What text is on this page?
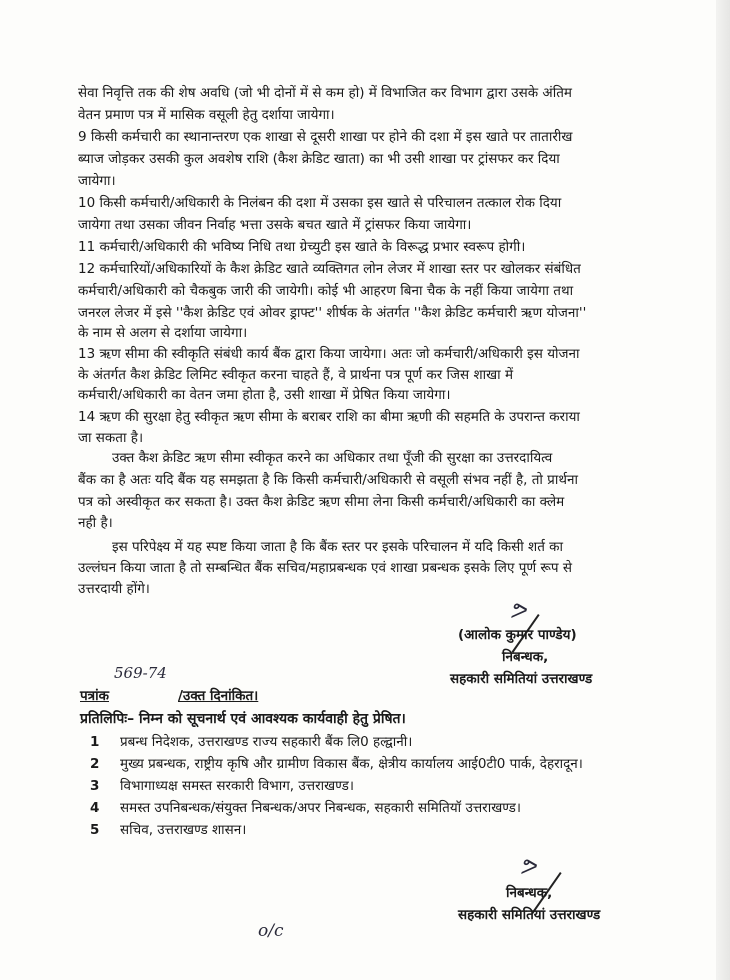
सेवा निवृत्ति तक की शेष अवधि (जो भी दोनों में से कम हो) में विभाजित कर विभाग द्वारा उसके अंतिम
वेतन प्रमाण पत्र में मासिक वसूली हेतु दर्शाया जायेगा।
9 किसी कर्मचारी का स्थानान्तरण एक शाखा से दूसरी शाखा पर होने की दशा में इस खाते पर तातारीख
ब्याज जोड़कर उसकी कुल अवशेष राशि (कैश क्रेडिट खाता) का भी उसी शाखा पर ट्रांसफर कर दिया
जायेगा।
10 किसी कर्मचारी/अधिकारी के निलंबन की दशा में उसका इस खाते से परिचालन तत्काल रोक दिया
जायेगा तथा उसका जीवन निर्वाह भत्ता उसके बचत खाते में ट्रांसफर किया जायेगा।
11 कर्मचारी/अधिकारी की भविष्य निधि तथा ग्रेच्युटी इस खाते के विरूद्ध प्रभार स्वरूप होगी।
12 कर्मचारियों/अधिकारियों के कैश क्रेडिट खाते व्यक्तिगत लोन लेजर में शाखा स्तर पर खोलकर संबंधित
कर्मचारी/अधिकारी को चैकबुक जारी की जायेगी। कोई भी आहरण बिना चैक के नहीं किया जायेगा तथा
जनरल लेजर में इसे ''कैश क्रेडिट एवं ओवर ड्राफ्ट'' शीर्षक के अंतर्गत ''कैश क्रेडिट कर्मचारी ऋण योजना''
के नाम से अलग से दर्शाया जायेगा।
13 ऋण सीमा की स्वीकृति संबंधी कार्य बैंक द्वारा किया जायेगा। अतः जो कर्मचारी/अधिकारी इस योजना
के अंतर्गत कैश क्रेडिट लिमिट स्वीकृत करना चाहते हैं, वे प्रार्थना पत्र पूर्ण कर जिस शाखा में
कर्मचारी/अधिकारी का वेतन जमा होता है, उसी शाखा में प्रेषित किया जायेगा।
14 ऋण की सुरक्षा हेतु स्वीकृत ऋण सीमा के बराबर राशि का बीमा ऋणी की सहमति के उपरान्त कराया
जा सकता है।
उक्त कैश क्रेडिट ऋण सीमा स्वीकृत करने का अधिकार तथा पूँजी की सुरक्षा का उत्तरदायित्व
बैंक का है अतः यदि बैंक यह समझता है कि किसी कर्मचारी/अधिकारी से वसूली संभव नहीं है, तो प्रार्थना
पत्र को अस्वीकृत कर सकता है। उक्त कैश क्रेडिट ऋण सीमा लेना किसी कर्मचारी/अधिकारी का क्लेम
नही है।
इस परिपेक्ष्य में यह स्पष्ट किया जाता है कि बैंक स्तर पर इसके परिचालन में यदि किसी शर्त का
उल्लंघन किया जाता है तो सम्बन्धित बैंक सचिव/महाप्रबन्धक एवं शाखा प्रबन्धक इसके लिए पूर्ण रूप से
उत्तरदायी होंगे।
ᕗ
(आलोक कुमार पाण्डेय)
निबन्धक,
सहकारी समितियां उत्तराखण्ड
569-74
पत्रांक	/उक्त दिनांकित।
प्रतिलिपिः– निम्न को सूचनार्थ एवं आवश्यक कार्यवाही हेतु प्रेषित।
1 प्रबन्ध निदेशक, उत्तराखण्ड राज्य सहकारी बैंक लि0 हल्द्वानी।
2 मुख्य प्रबन्धक, राष्ट्रीय कृषि और ग्रामीण विकास बैंक, क्षेत्रीय कार्यालय आई0टी0 पार्क, देहरादून।
3 विभागाध्यक्ष समस्त सरकारी विभाग, उत्तराखण्ड।
4 समस्त उपनिबन्धक/संयुक्त निबन्धक/अपर निबन्धक, सहकारी समितियॉ उत्तराखण्ड।
5 सचिव, उत्तराखण्ड शासन।
ᕗ
निबन्धक,
सहकारी समितियां उत्तराखण्ड
o/c
